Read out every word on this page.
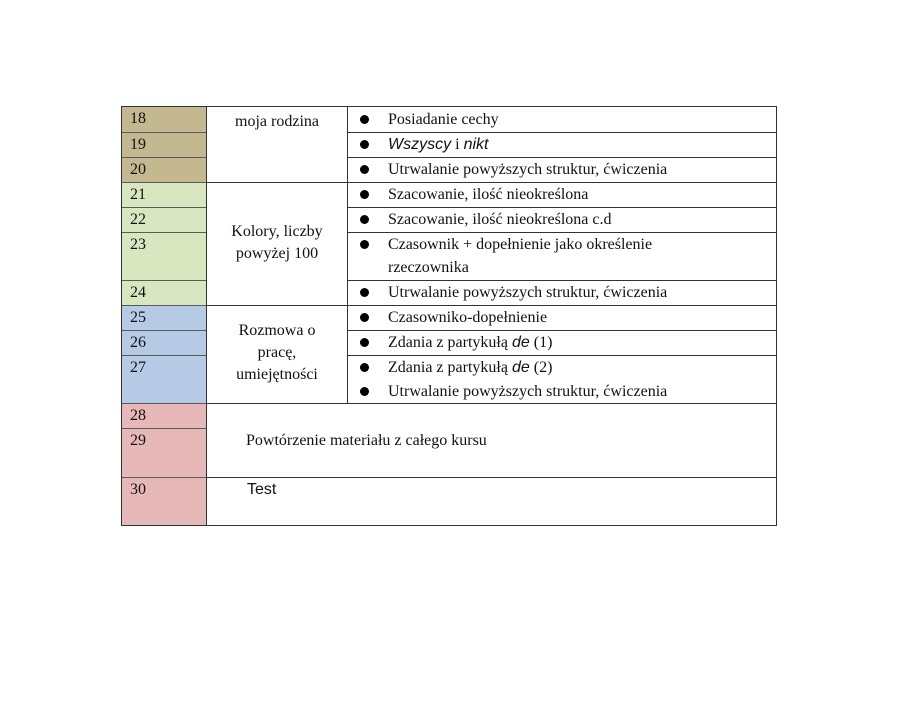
18
19
20
21
22
23
24
25
26
27
28
29
30
moja rodzina
Kolory, liczby
powyżej 100
Rozmowa o
pracę,
umiejętności
Posiadanie cechy
Wszyscy i nikt
Utrwalanie powyższych struktur, ćwiczenia
Szacowanie, ilość nieokreślona
Szacowanie, ilość nieokreślona c.d
Czasownik + dopełnienie jako określenie
rzeczownika
Utrwalanie powyższych struktur, ćwiczenia
Czasowniko-dopełnienie
Zdania z partykułą de (1)
Zdania z partykułą de (2)
Utrwalanie powyższych struktur, ćwiczenia
Powtórzenie materiału z całego kursu
Test
